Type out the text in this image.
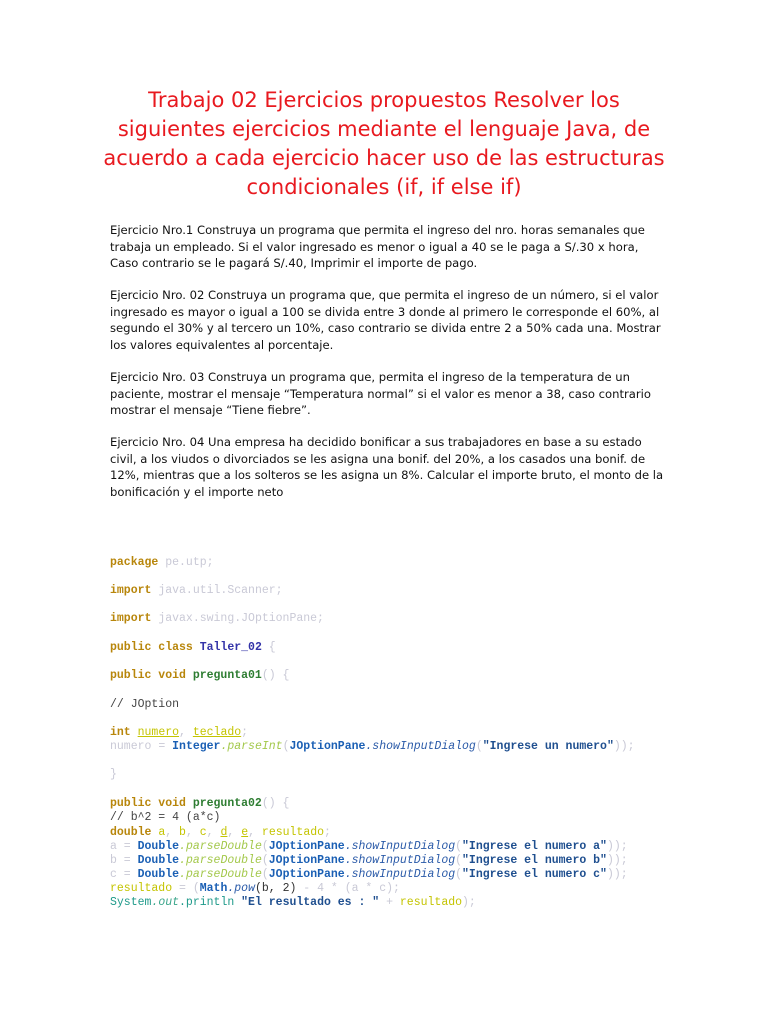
Trabajo 02 Ejercicios propuestos Resolver los siguientes ejercicios mediante el lenguaje Java, de acuerdo a cada ejercicio hacer uso de las estructuras condicionales (if, if else if)

Ejercicio Nro.1 Construya un programa que permita el ingreso del nro. horas semanales que trabaja un empleado. Si el valor ingresado es menor o igual a 40 se le paga a S/.30 x hora, Caso contrario se le pagará S/.40, Imprimir el importe de pago.

Ejercicio Nro. 02 Construya un programa que, que permita el ingreso de un número, si el valor ingresado es mayor o igual a 100 se divida entre 3 donde al primero le corresponde el 60%, al segundo el 30% y al tercero un 10%, caso contrario se divida entre 2 a 50% cada una. Mostrar los valores equivalentes al porcentaje.

Ejercicio Nro. 03 Construya un programa que, permita el ingreso de la temperatura de un paciente, mostrar el mensaje “Temperatura normal” si el valor es menor a 38, caso contrario mostrar el mensaje “Tiene fiebre”.

Ejercicio Nro. 04 Una empresa ha decidido bonificar a sus trabajadores en base a su estado civil, a los viudos o divorciados se les asigna una bonif. del 20%, a los casados una bonif. de 12%, mientras que a los solteros se les asigna un 8%. Calcular el importe bruto, el monto de la bonificación y el importe neto

package pe.utp;
import java.util.Scanner;
import javax.swing.JOptionPane;
public class Taller_02 {
public void pregunta01() {
// JOption
int numero, teclado;
numero = Integer.parseInt(JOptionPane.showInputDialog("Ingrese un numero"));
}
public void pregunta02() {
// b^2 = 4 (a*c)
double a, b, c, d, e, resultado;
a = Double.parseDouble(JOptionPane.showInputDialog("Ingrese el numero a"));
b = Double.parseDouble(JOptionPane.showInputDialog("Ingrese el numero b"));
c = Double.parseDouble(JOptionPane.showInputDialog("Ingrese el numero c"));
resultado = (Math.pow(b, 2) - 4 * (a * c);
System.out.println "El resultado es : " + resultado);
